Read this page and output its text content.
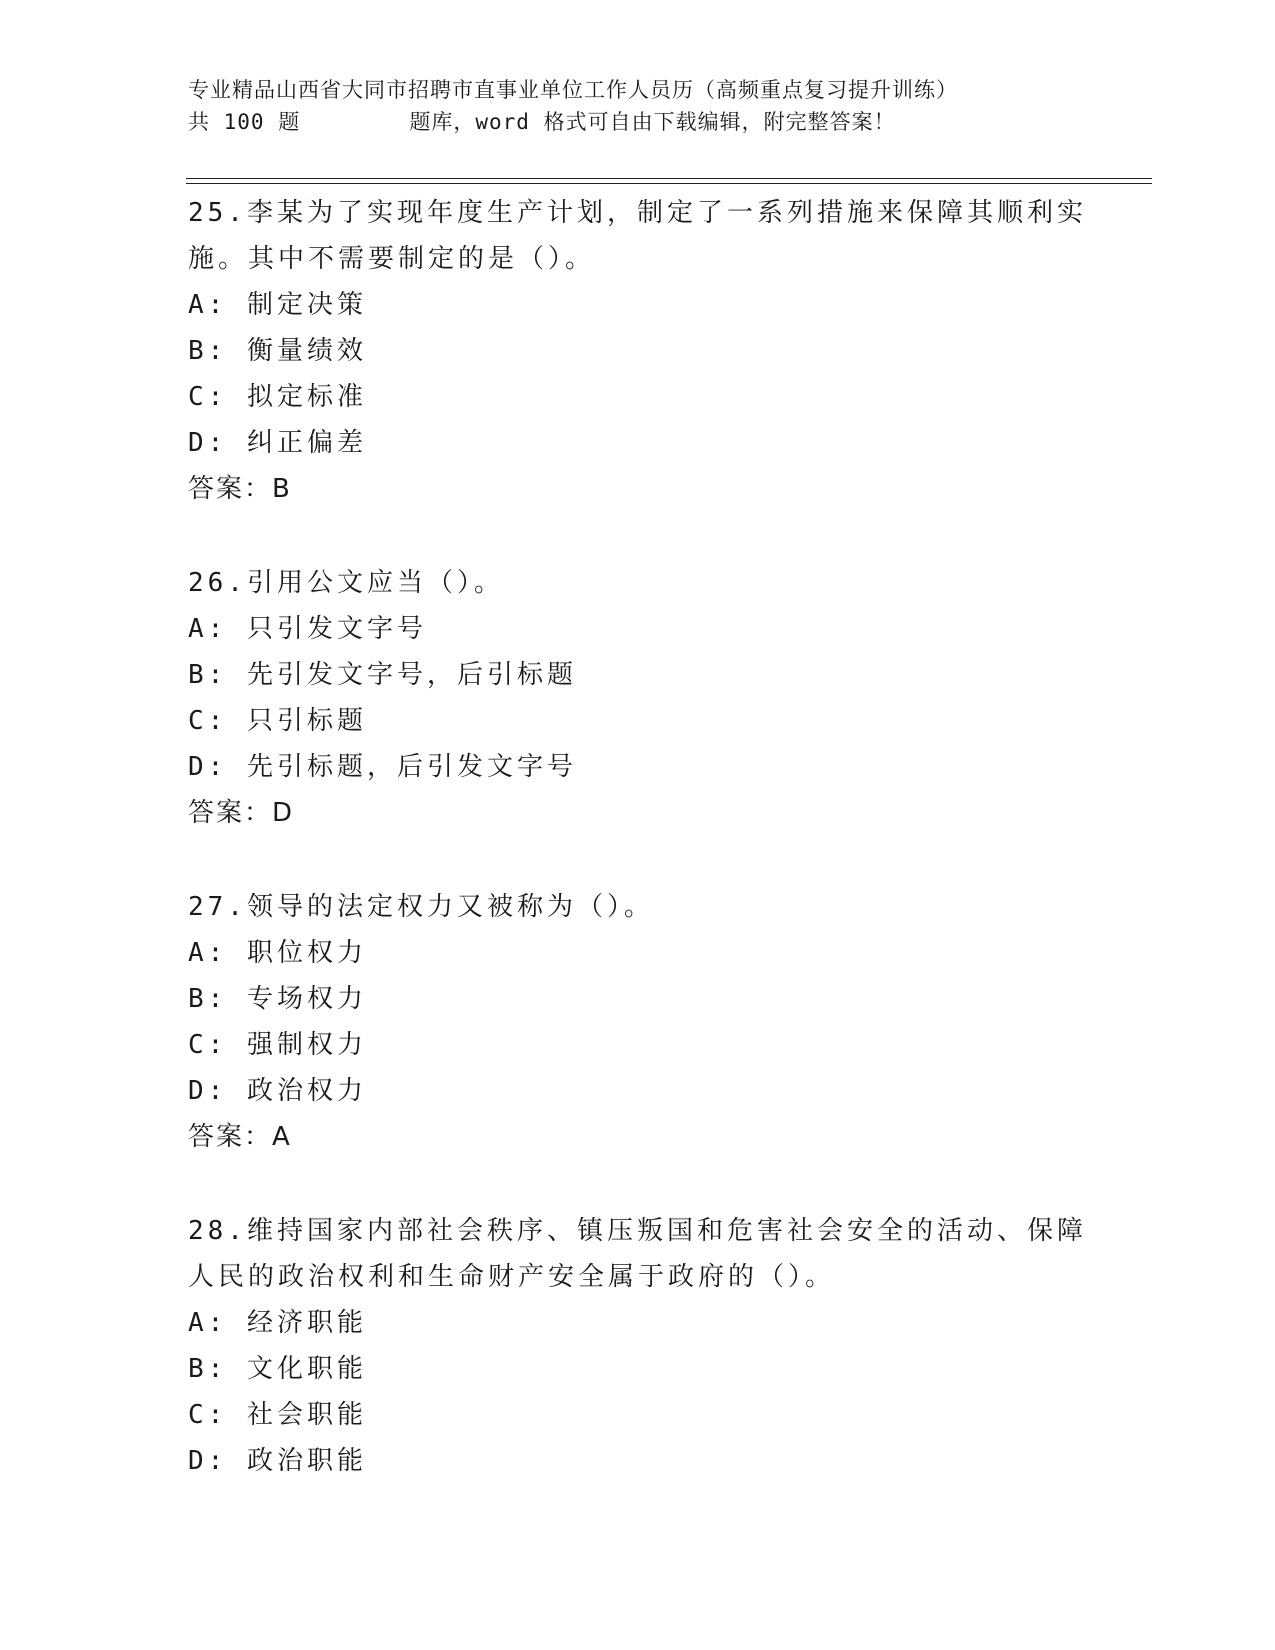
专业精品山西省大同市招聘市直事业单位工作人员历（高频重点复习提升训练）
共 100 题        题库，word 格式可自由下载编辑，附完整答案！

25.李某为了实现年度生产计划，制定了一系列措施来保障其顺利实施。其中不需要制定的是（）。

A: 制定决策

B: 衡量绩效

C: 拟定标准

D: 纠正偏差

答案：B

26.引用公文应当（）。

A: 只引发文字号

B: 先引发文字号，后引标题

C: 只引标题

D: 先引标题，后引发文字号

答案：D

27.领导的法定权力又被称为（）。

A: 职位权力

B: 专场权力

C: 强制权力

D: 政治权力

答案：A

28.维持国家内部社会秩序、镇压叛国和危害社会安全的活动、保障人民的政治权利和生命财产安全属于政府的（）。

A: 经济职能

B: 文化职能

C: 社会职能

D: 政治职能
